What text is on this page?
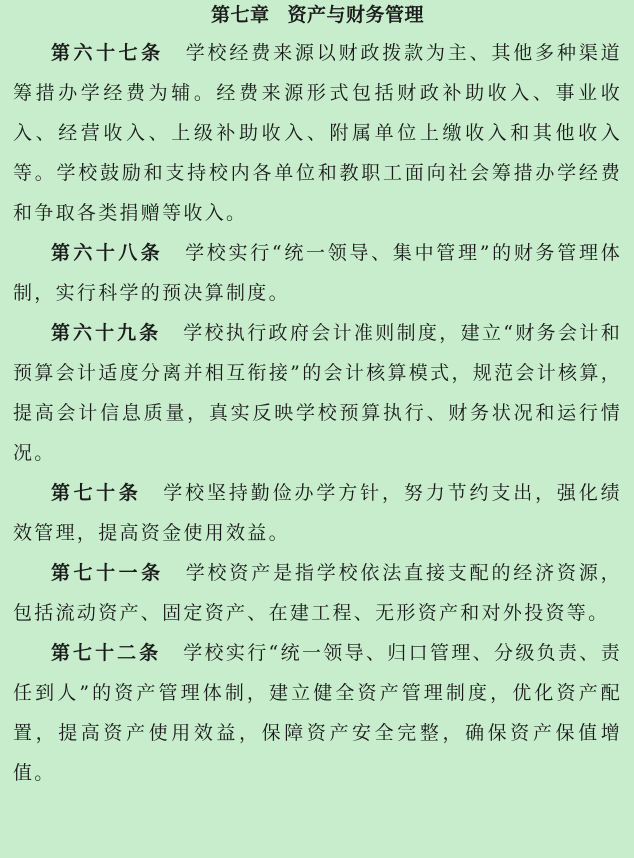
第七章 资产与财务管理

第六十七条 学校经费来源以财政拨款为主、其他多种渠道筹措办学经费为辅。经费来源形式包括财政补助收入、事业收入、经营收入、上级补助收入、附属单位上缴收入和其他收入等。学校鼓励和支持校内各单位和教职工面向社会筹措办学经费和争取各类捐赠等收入。

第六十八条 学校实行“统一领导、集中管理”的财务管理体制，实行科学的预决算制度。

第六十九条 学校执行政府会计准则制度，建立“财务会计和预算会计适度分离并相互衔接”的会计核算模式，规范会计核算，提高会计信息质量，真实反映学校预算执行、财务状况和运行情况。

第七十条 学校坚持勤俭办学方针，努力节约支出，强化绩效管理，提高资金使用效益。

第七十一条 学校资产是指学校依法直接支配的经济资源，包括流动资产、固定资产、在建工程、无形资产和对外投资等。

第七十二条 学校实行“统一领导、归口管理、分级负责、责任到人”的资产管理体制，建立健全资产管理制度，优化资产配置，提高资产使用效益，保障资产安全完整，确保资产保值增值。
